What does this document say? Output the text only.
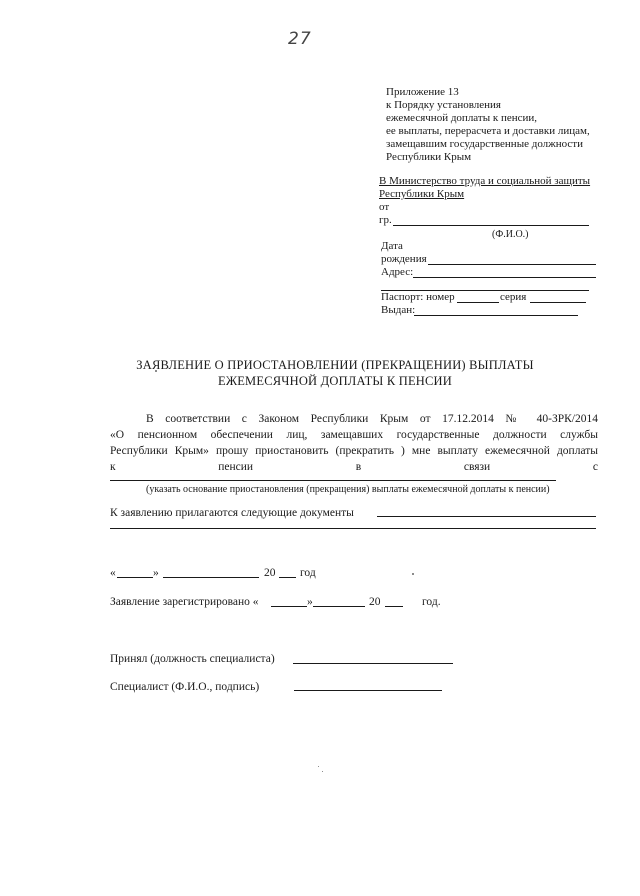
27
Приложение 13
к Порядку установления
ежемесячной доплаты к пенсии,
ее выплаты, перерасчета и доставки лицам,
замещавшим государственные должности
Республики Крым
В Министерство труда и социальной защиты
Республики Крым
от
гр.
(Ф.И.О.)
Дата
рождения
Адрес:
Паспорт: номер	серия
Выдан:
ЗАЯВЛЕНИЕ О ПРИОСТАНОВЛЕНИИ (ПРЕКРАЩЕНИИ) ВЫПЛАТЫ
ЕЖЕМЕСЯЧНОЙ ДОПЛАТЫ К ПЕНСИИ
В соответствии с Законом Республики Крым от 17.12.2014 № 40-ЗРК/2014
«О пенсионном обеспечении лиц, замещавших государственные должности службы
Республики Крым» прошу приостановить (прекратить ) мне выплату ежемесячной доплаты
к пенсии в связи с
(указать основание приостановления (прекращения) выплаты ежемесячной доплаты к пенсии)
К заявлению прилагаются следующие документы
«	»	20 год
Заявление зарегистрировано «	»	20	год.
Принял (должность специалиста)
Специалист (Ф.И.О., подпись)
